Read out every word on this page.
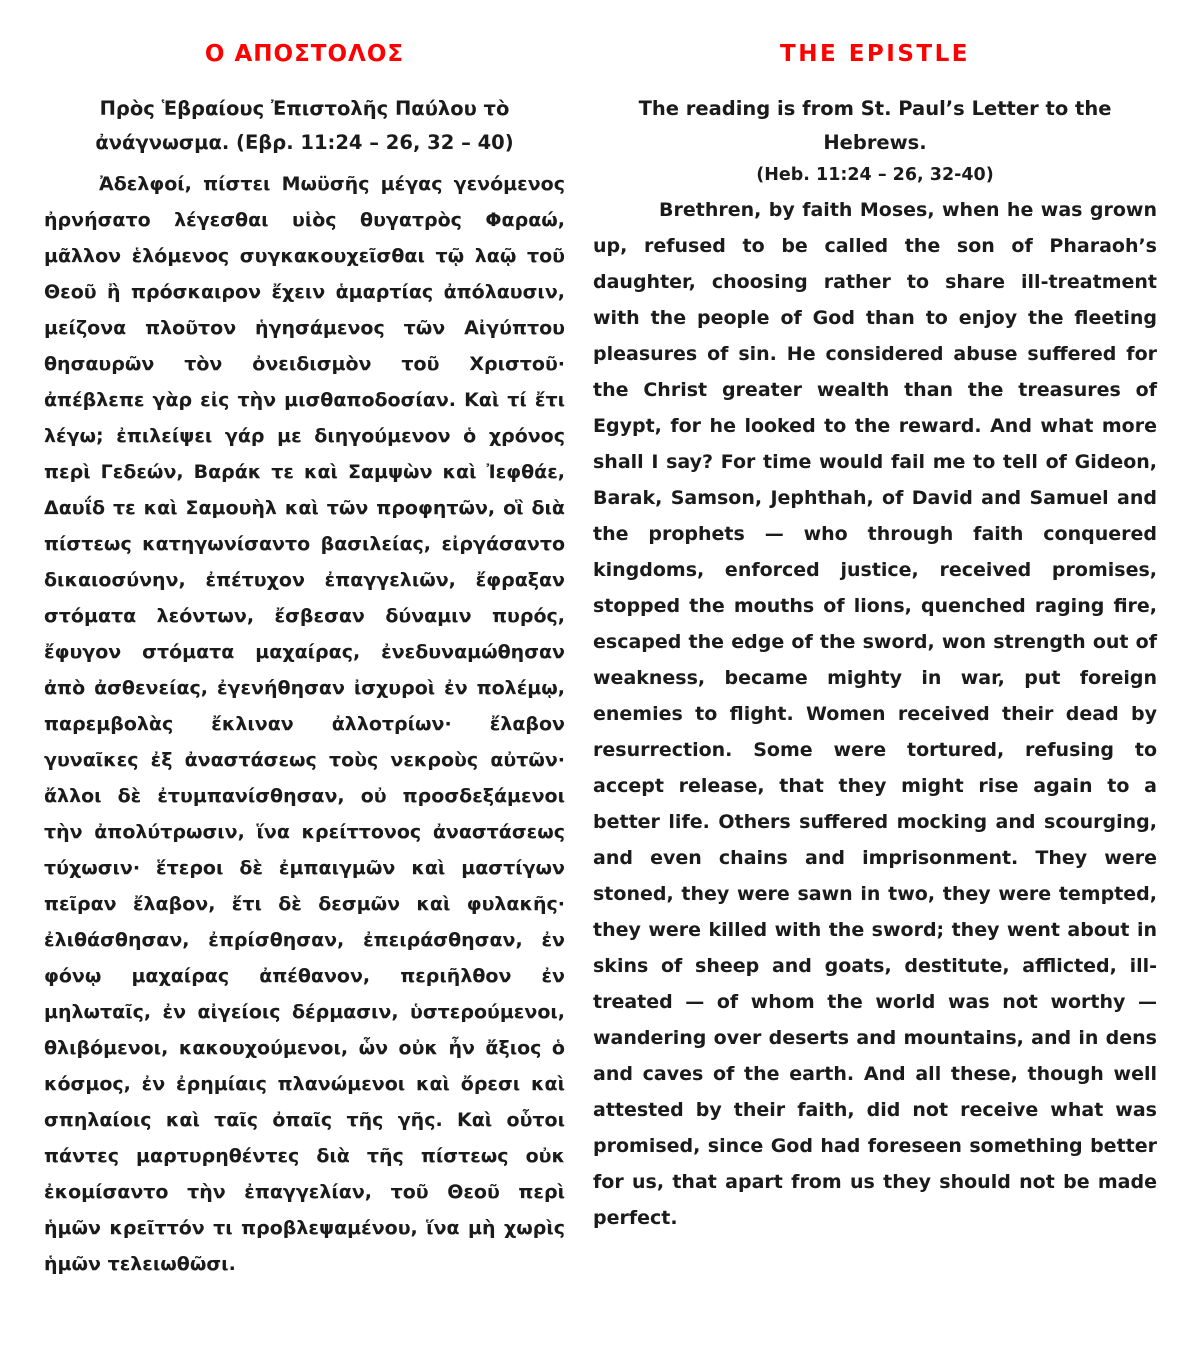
Ο ΑΠΟΣΤΟΛΟΣ

Πρὸς Ἑβραίους Ἐπιστολῆς Παύλου τὸ
ἀνάγνωσμα. (Εβρ. 11:24 – 26, 32 – 40)

Ἀδελφοί, πίστει Μωϋσῆς μέγας γενόμενος ἠρνήσατο λέγεσθαι υἱὸς θυγατρὸς Φαραώ, μᾶλλον ἑλόμενος συγκακουχεῖσθαι τῷ λαῷ τοῦ Θεοῦ ἢ πρόσκαιρον ἔχειν ἁμαρτίας ἀπόλαυσιν, μείζονα πλοῦτον ἡγησάμενος τῶν Αἰγύπτου θησαυρῶν τὸν ὀνειδισμὸν τοῦ Χριστοῦ· ἀπέβλεπε γὰρ εἰς τὴν μισθαποδοσίαν. Καὶ τί ἔτι λέγω; ἐπιλείψει γάρ με διηγούμενον ὁ χρόνος περὶ Γεδεών, Βαράκ τε καὶ Σαμψὼν καὶ Ἰεφθάε, Δαυΐδ τε καὶ Σαμουὴλ καὶ τῶν προφητῶν, οἳ διὰ πίστεως κατηγωνίσαντο βασιλείας, εἰργάσαντο δικαιοσύνην, ἐπέτυχον ἐπαγγελιῶν, ἔφραξαν στόματα λεόντων, ἔσβεσαν δύναμιν πυρός, ἔφυγον στόματα μαχαίρας, ἐνεδυναμώθησαν ἀπὸ ἀσθενείας, ἐγενήθησαν ἰσχυροὶ ἐν πολέμῳ, παρεμβολὰς ἔκλιναν ἀλλοτρίων· ἔλαβον γυναῖκες ἐξ ἀναστάσεως τοὺς νεκροὺς αὐτῶν· ἄλλοι δὲ ἐτυμπανίσθησαν, οὐ προσδεξάμενοι τὴν ἀπολύτρωσιν, ἵνα κρείττονος ἀναστάσεως τύχωσιν· ἕτεροι δὲ ἐμπαιγμῶν καὶ μαστίγων πεῖραν ἔλαβον, ἔτι δὲ δεσμῶν καὶ φυλακῆς· ἐλιθάσθησαν, ἐπρίσθησαν, ἐπειράσθησαν, ἐν φόνῳ μαχαίρας ἀπέθανον, περιῆλθον ἐν μηλωταῖς, ἐν αἰγείοις δέρμασιν, ὑστερούμενοι, θλιβόμενοι, κακουχούμενοι, ὧν οὐκ ἦν ἄξιος ὁ κόσμος, ἐν ἐρημίαις πλανώμενοι καὶ ὄρεσι καὶ σπηλαίοις καὶ ταῖς ὀπαῖς τῆς γῆς. Καὶ οὗτοι πάντες μαρτυρηθέντες διὰ τῆς πίστεως οὐκ ἐκομίσαντο τὴν ἐπαγγελίαν, τοῦ Θεοῦ περὶ ἡμῶν κρεῖττόν τι προβλεψαμένου, ἵνα μὴ χωρὶς ἡμῶν τελειωθῶσι.

THE EPISTLE

The reading is from St. Paul’s Letter to the Hebrews.
(Heb. 11:24 – 26, 32-40)

Brethren, by faith Moses, when he was grown up, refused to be called the son of Pharaoh’s daughter, choosing rather to share ill-treatment with the people of God than to enjoy the fleeting pleasures of sin. He considered abuse suffered for the Christ greater wealth than the treasures of Egypt, for he looked to the reward. And what more shall I say? For time would fail me to tell of Gideon, Barak, Samson, Jephthah, of David and Samuel and the prophets — who through faith conquered kingdoms, enforced justice, received promises, stopped the mouths of lions, quenched raging fire, escaped the edge of the sword, won strength out of weakness, became mighty in war, put foreign enemies to flight. Women received their dead by resurrection. Some were tortured, refusing to accept release, that they might rise again to a better life. Others suffered mocking and scourging, and even chains and imprisonment. They were stoned, they were sawn in two, they were tempted, they were killed with the sword; they went about in skins of sheep and goats, destitute, afflicted, ill-treated — of whom the world was not worthy — wandering over deserts and mountains, and in dens and caves of the earth. And all these, though well attested by their faith, did not receive what was promised, since God had foreseen something better for us, that apart from us they should not be made perfect.
